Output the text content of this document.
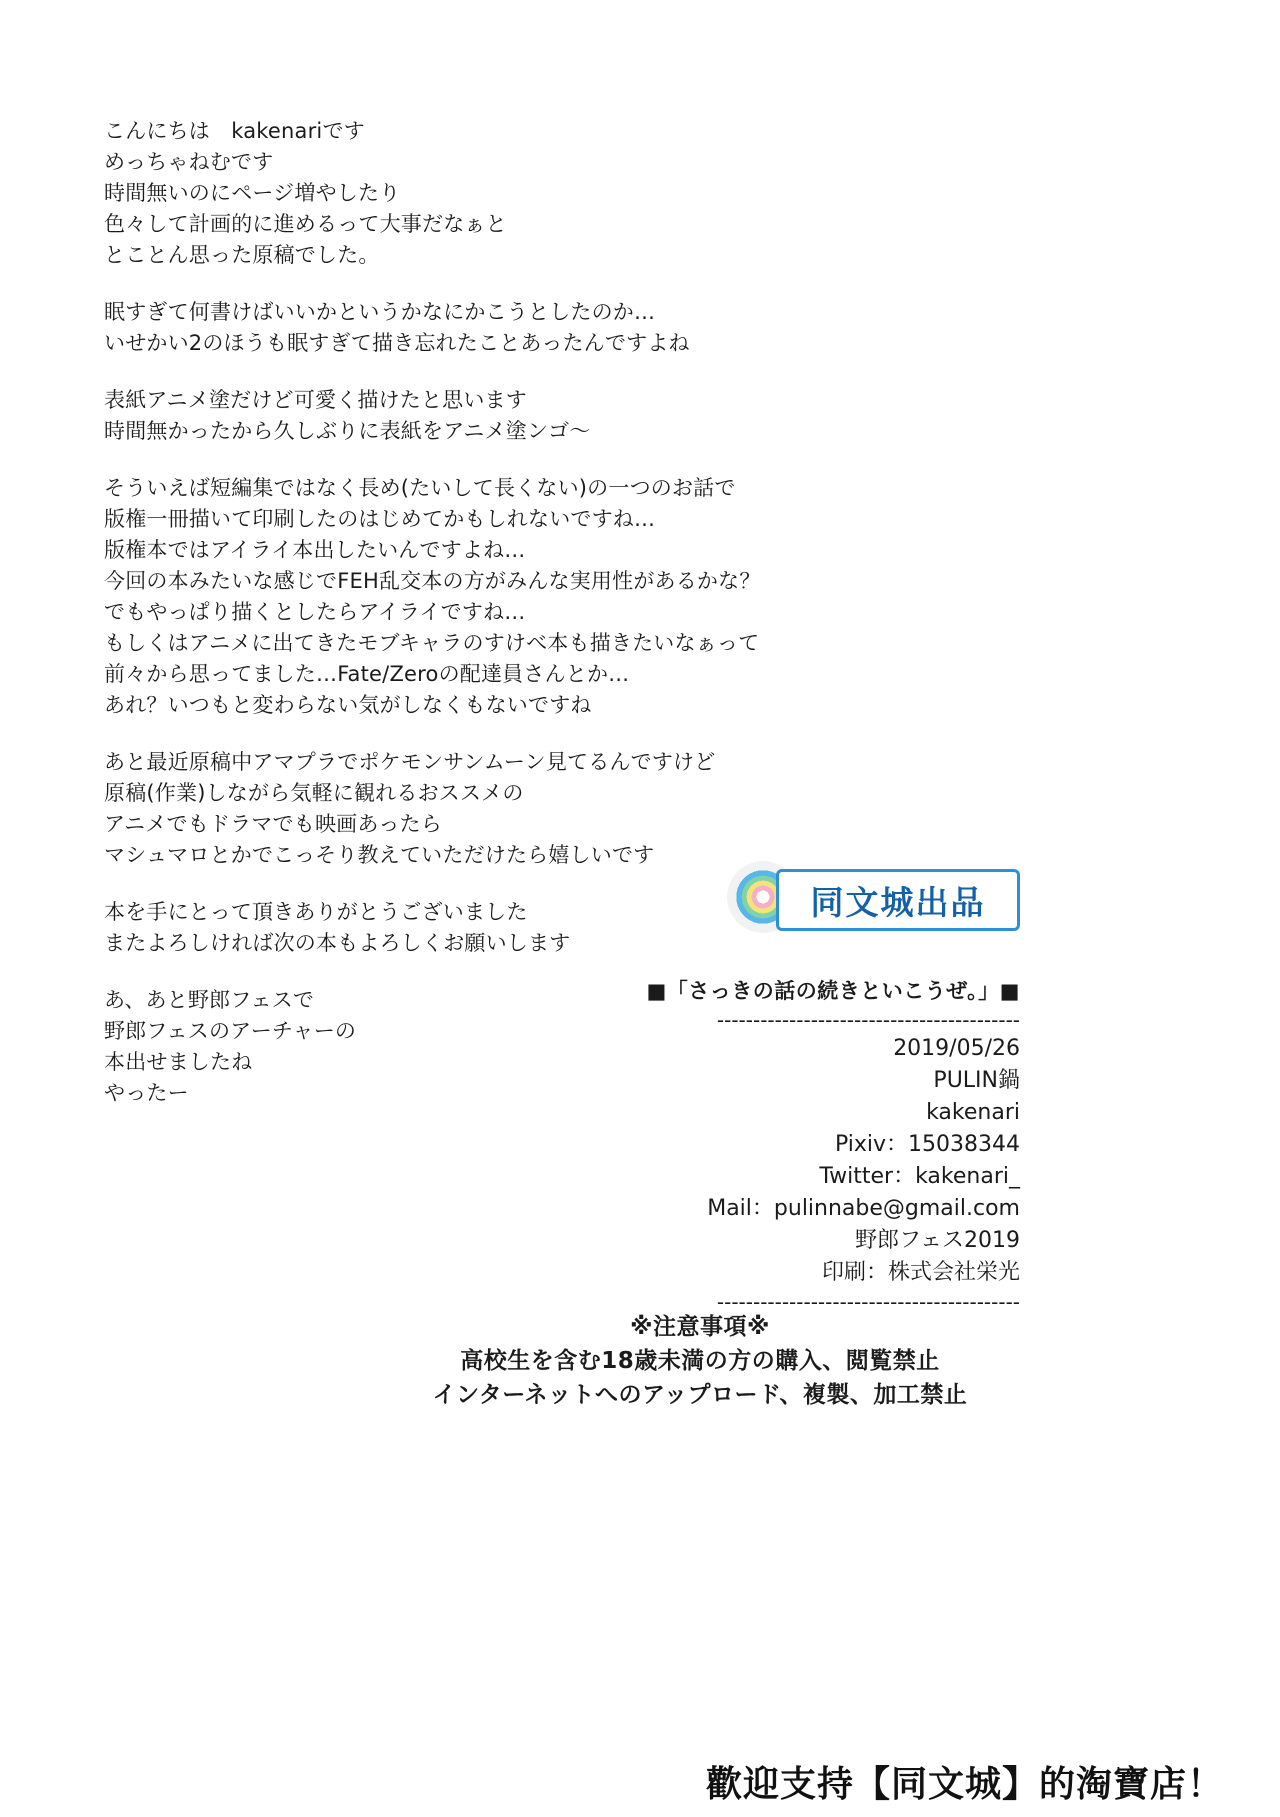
こんにちは　kakenariです
めっちゃねむです
時間無いのにページ増やしたり
色々して計画的に進めるって大事だなぁと
とことん思った原稿でした。
眠すぎて何書けばいいかというかなにかこうとしたのか…
いせかい2のほうも眠すぎて描き忘れたことあったんですよね
表紙アニメ塗だけど可愛く描けたと思います
時間無かったから久しぶりに表紙をアニメ塗ンゴ〜
そういえば短編集ではなく長め(たいして長くない)の一つのお話で
版権一冊描いて印刷したのはじめてかもしれないですね…
版権本ではアイライ本出したいんですよね…
今回の本みたいな感じでFEH乱交本の方がみんな実用性があるかな？
でもやっぱり描くとしたらアイライですね…
もしくはアニメに出てきたモブキャラのすけべ本も描きたいなぁって
前々から思ってました…Fate/Zeroの配達員さんとか…
あれ？いつもと変わらない気がしなくもないですね
あと最近原稿中アマプラでポケモンサンムーン見てるんですけど
原稿(作業)しながら気軽に観れるおススメの
アニメでもドラマでも映画あったら
マシュマロとかでこっそり教えていただけたら嬉しいです
本を手にとって頂きありがとうございました
またよろしければ次の本もよろしくお願いします
あ、あと野郎フェスで
野郎フェスのアーチャーの
本出せましたね
やったー
同文城出品
■「さっきの話の続きといこうぜ。」■
------------------------------------------
2019/05/26
PULIN鍋
kakenari
Pixiv：15038344
Twitter：kakenari_
Mail：pulinnabe@gmail.com
野郎フェス2019
印刷：株式会社栄光
------------------------------------------
※注意事項※
高校生を含む18歳未満の方の購入、閲覧禁止
インターネットへのアップロード、複製、加工禁止
歡迎支持【同文城】的淘寶店！
